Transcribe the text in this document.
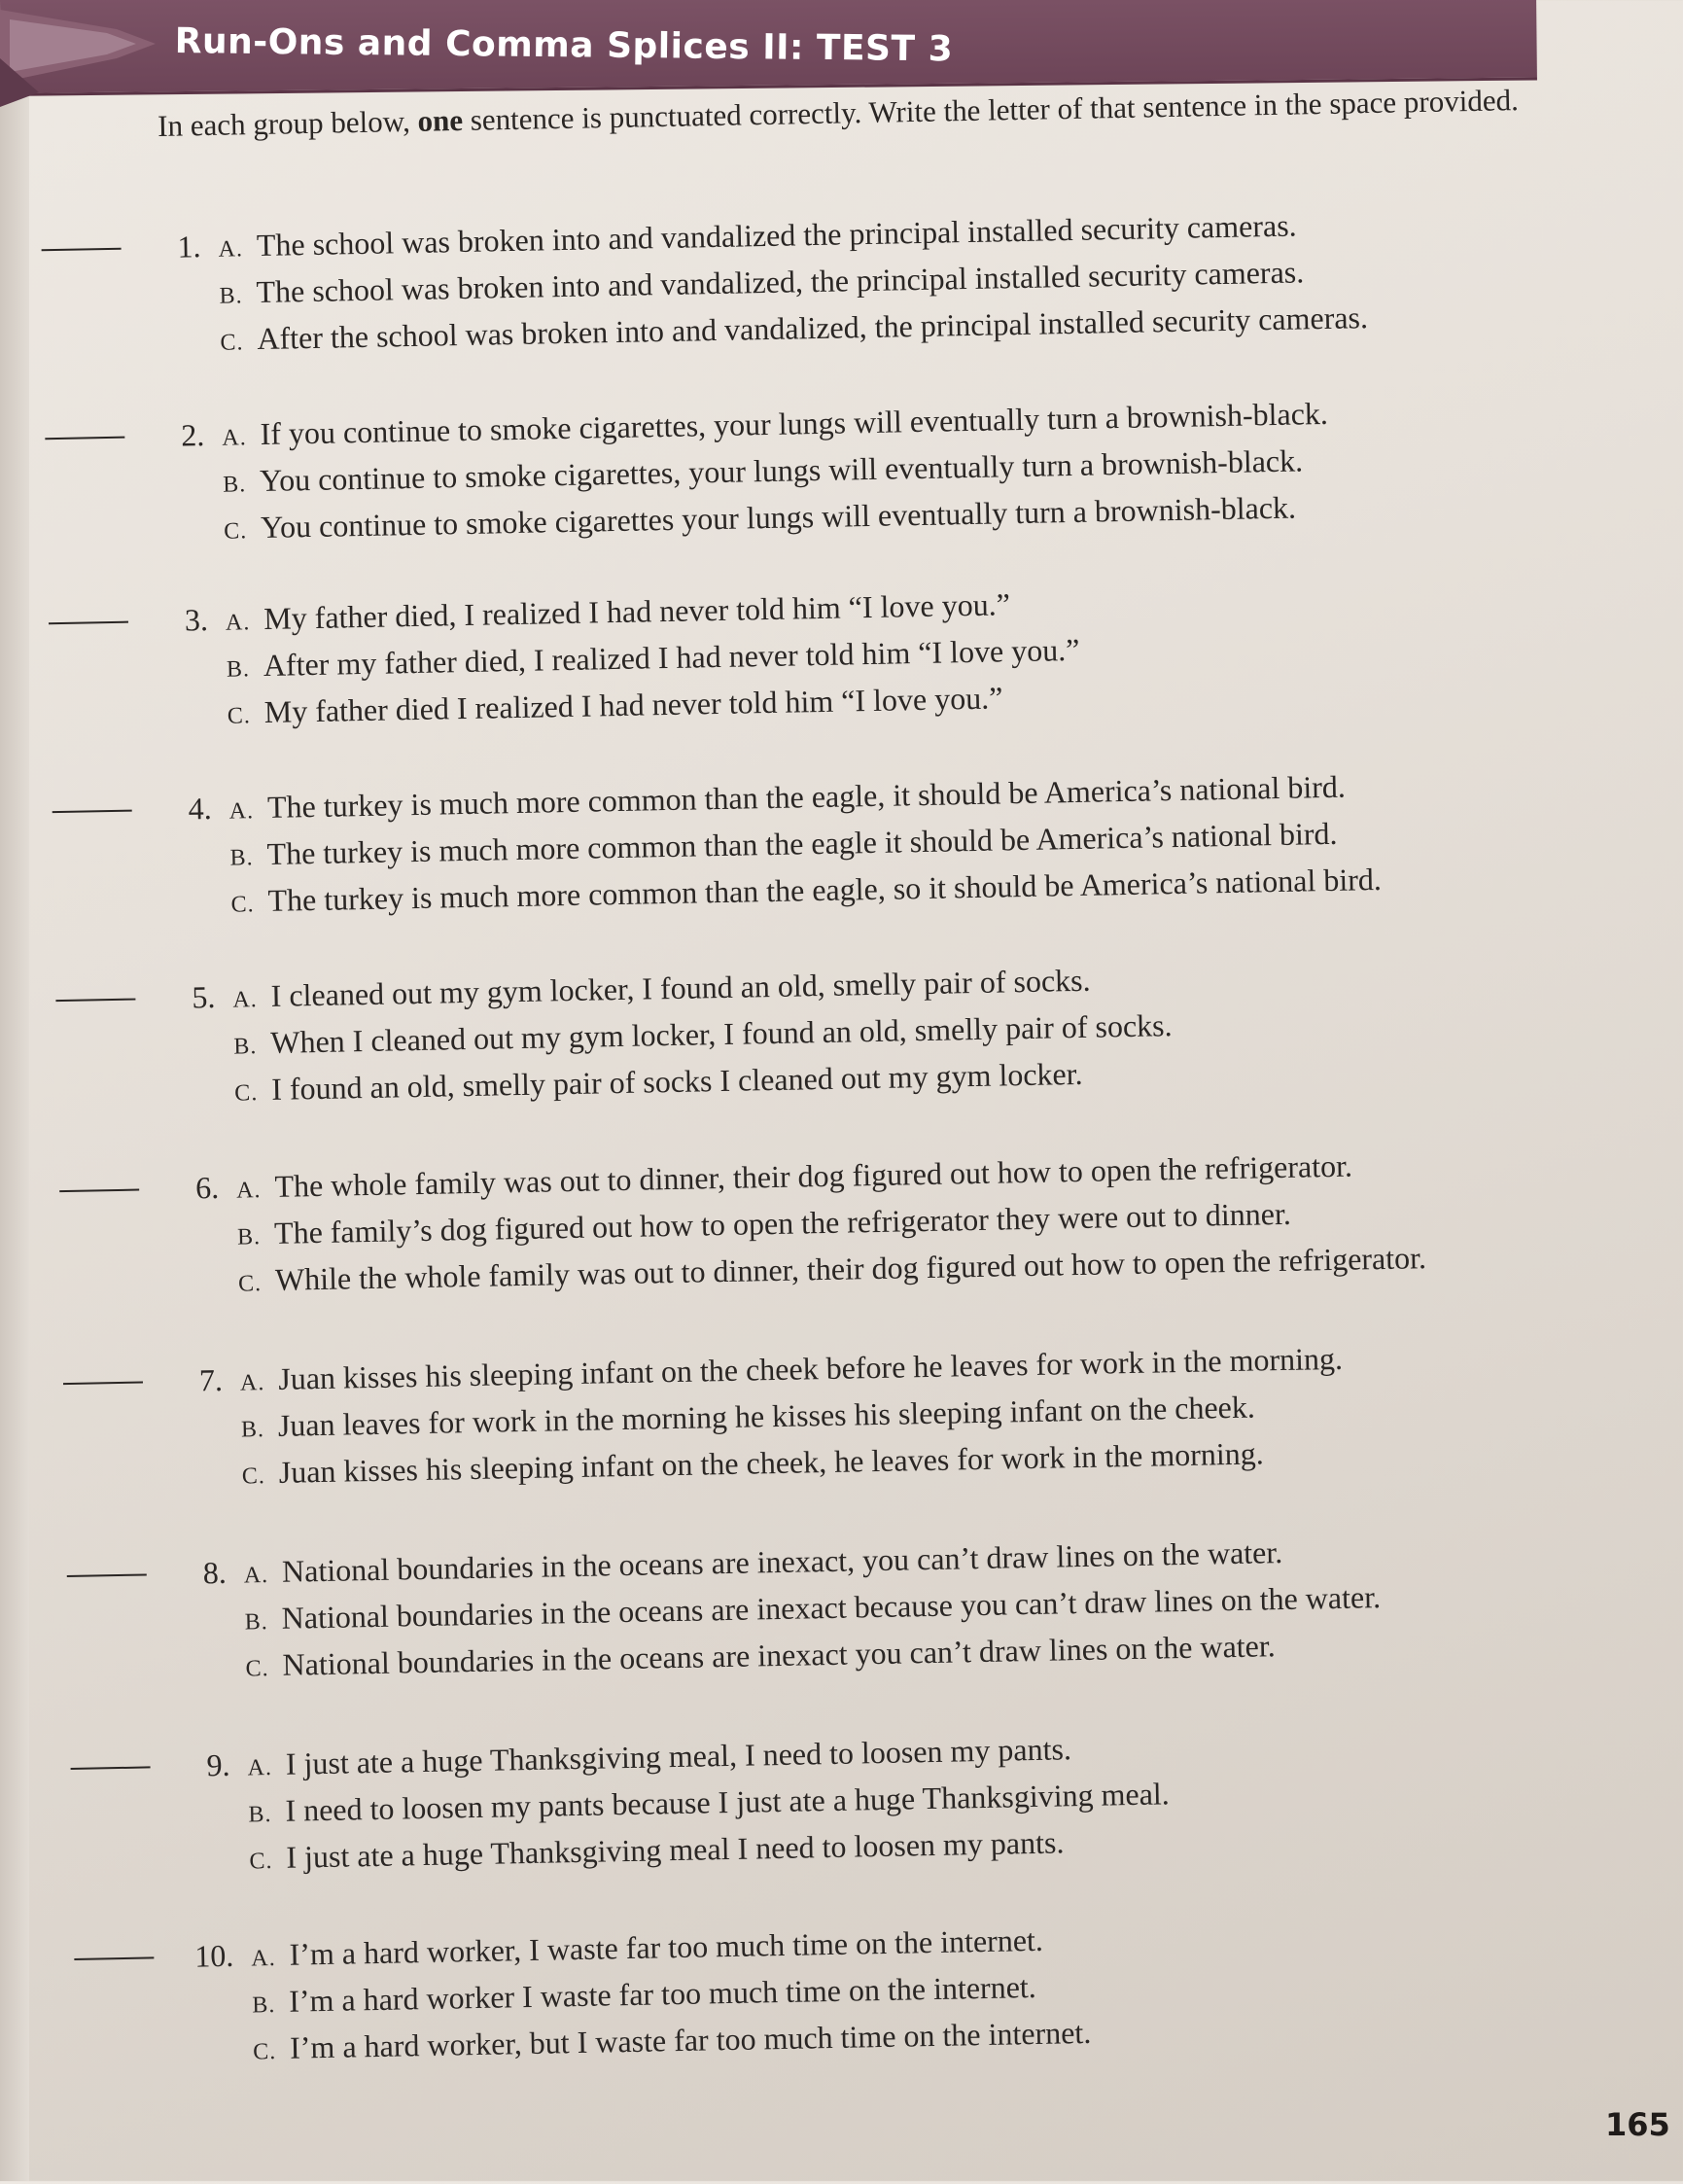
Run-Ons and Comma Splices II: TEST 3
In each group below, one sentence is punctuated correctly. Write the letter of that sentence in the space provided.
1. A. The school was broken into and vandalized the principal installed security cameras.
B. The school was broken into and vandalized, the principal installed security cameras.
C. After the school was broken into and vandalized, the principal installed security cameras.
2. A. If you continue to smoke cigarettes, your lungs will eventually turn a brownish-black.
B. You continue to smoke cigarettes, your lungs will eventually turn a brownish-black.
C. You continue to smoke cigarettes your lungs will eventually turn a brownish-black.
3. A. My father died, I realized I had never told him “I love you.”
B. After my father died, I realized I had never told him “I love you.”
C. My father died I realized I had never told him “I love you.”
4. A. The turkey is much more common than the eagle, it should be America’s national bird.
B. The turkey is much more common than the eagle it should be America’s national bird.
C. The turkey is much more common than the eagle, so it should be America’s national bird.
5. A. I cleaned out my gym locker, I found an old, smelly pair of socks.
B. When I cleaned out my gym locker, I found an old, smelly pair of socks.
C. I found an old, smelly pair of socks I cleaned out my gym locker.
6. A. The whole family was out to dinner, their dog figured out how to open the refrigerator.
B. The family’s dog figured out how to open the refrigerator they were out to dinner.
C. While the whole family was out to dinner, their dog figured out how to open the refrigerator.
7. A. Juan kisses his sleeping infant on the cheek before he leaves for work in the morning.
B. Juan leaves for work in the morning he kisses his sleeping infant on the cheek.
C. Juan kisses his sleeping infant on the cheek, he leaves for work in the morning.
8. A. National boundaries in the oceans are inexact, you can’t draw lines on the water.
B. National boundaries in the oceans are inexact because you can’t draw lines on the water.
C. National boundaries in the oceans are inexact you can’t draw lines on the water.
9. A. I just ate a huge Thanksgiving meal, I need to loosen my pants.
B. I need to loosen my pants because I just ate a huge Thanksgiving meal.
C. I just ate a huge Thanksgiving meal I need to loosen my pants.
10. A. I’m a hard worker, I waste far too much time on the internet.
B. I’m a hard worker I waste far too much time on the internet.
C. I’m a hard worker, but I waste far too much time on the internet.
165
